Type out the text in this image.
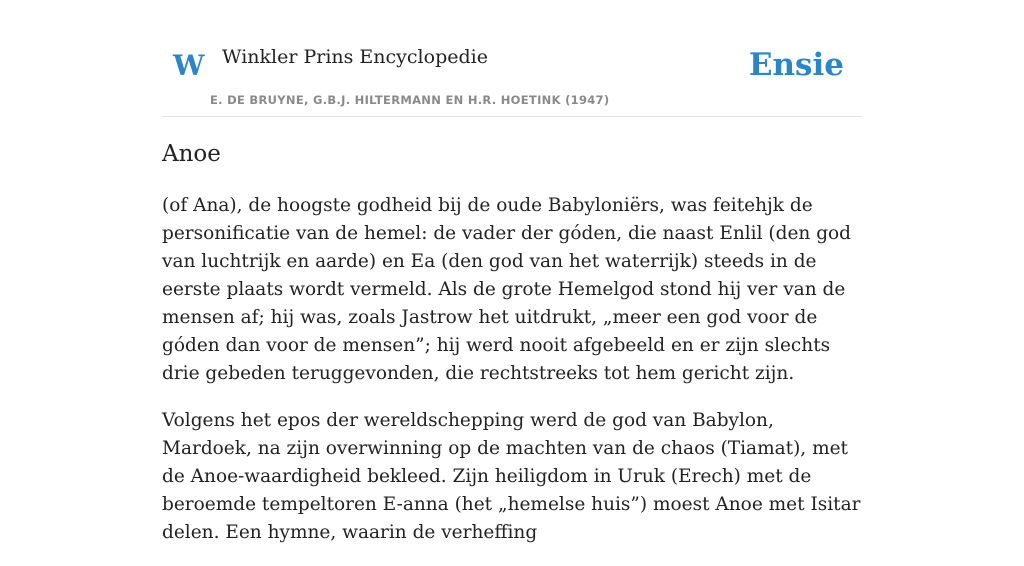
W Winkler Prins Encyclopedie
E. DE BRUYNE, G.B.J. HILTERMANN EN H.R. HOETINK (1947)
Ensie
Anoe

(of Ana), de hoogste godheid bij de oude Babyloniërs, was feitehjk de personificatie van de hemel: de vader der góden, die naast Enlil (den god van luchtrijk en aarde) en Ea (den god van het waterrijk) steeds in de eerste plaats wordt vermeld. Als de grote Hemelgod stond hij ver van de mensen af; hij was, zoals Jastrow het uitdrukt, „meer een god voor de góden dan voor de mensen”; hij werd nooit afgebeeld en er zijn slechts drie gebeden teruggevonden, die rechtstreeks tot hem gericht zijn.

Volgens het epos der wereldschepping werd de god van Babylon, Mardoek, na zijn overwinning op de machten van de chaos (Tiamat), met de Anoe-waardigheid bekleed. Zijn heiligdom in Uruk (Erech) met de beroemde tempeltoren E-anna (het „hemelse huis”) moest Anoe met Isitar delen. Een hymne, waarin de verheffing
